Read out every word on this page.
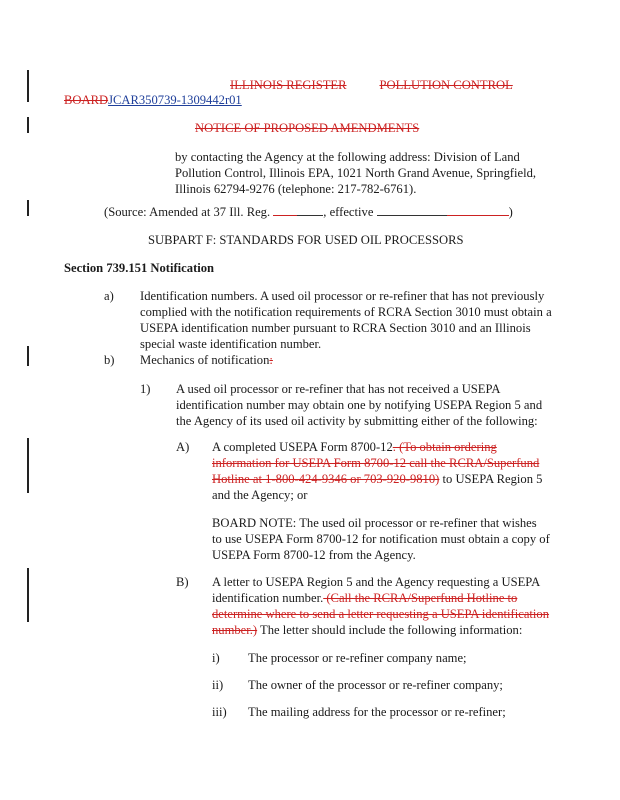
ILLINOIS REGISTER	POLLUTION CONTROL
BOARDJCAR350739-1309442r01
NOTICE OF PROPOSED AMENDMENTS
by contacting the Agency at the following address: Division of Land
Pollution Control, Illinois EPA, 1021 North Grand Avenue, Springfield,
Illinois 62794-9276 (telephone: 217-782-6761).
(Source: Amended at 37 Ill. Reg.	, effective	)
SUBPART F: STANDARDS FOR USED OIL PROCESSORS
Section 739.151 Notification
a) Identification numbers. A used oil processor or re-refiner that has not previously
complied with the notification requirements of RCRA Section 3010 must obtain a
USEPA identification number pursuant to RCRA Section 3010 and an Illinois
special waste identification number.
b) Mechanics of notification:
1) A used oil processor or re-refiner that has not received a USEPA
identification number may obtain one by notifying USEPA Region 5 and
the Agency of its used oil activity by submitting either of the following:
A) A completed USEPA Form 8700-12. (To obtain ordering
information for USEPA Form 8700-12 call the RCRA/Superfund
Hotline at 1-800-424-9346 or 703-920-9810) to USEPA Region 5
and the Agency; or
BOARD NOTE: The used oil processor or re-refiner that wishes
to use USEPA Form 8700-12 for notification must obtain a copy of
USEPA Form 8700-12 from the Agency.
B) A letter to USEPA Region 5 and the Agency requesting a USEPA
identification number. (Call the RCRA/Superfund Hotline to
determine where to send a letter requesting a USEPA identification
number.) The letter should include the following information:
i) The processor or re-refiner company name;
ii) The owner of the processor or re-refiner company;
iii) The mailing address for the processor or re-refiner;
